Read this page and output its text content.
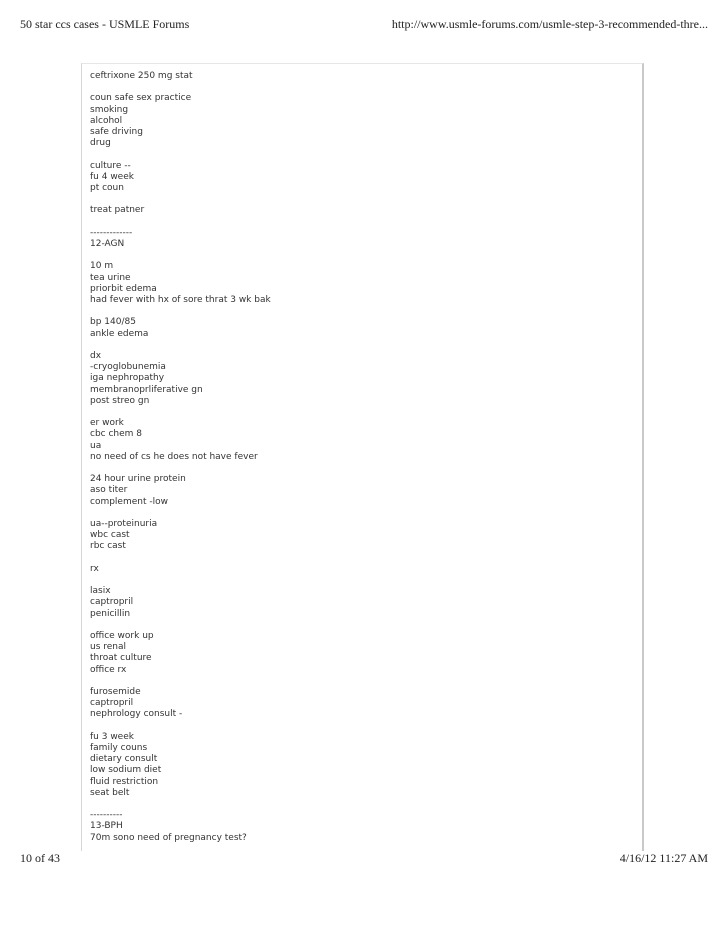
50 star ccs cases - USMLE Forums	http://www.usmle-forums.com/usmle-step-3-recommended-thre...
ceftrixone 250 mg stat
coun safe sex practice
smoking
alcohol
safe driving
drug
culture --
fu 4 week
pt coun
treat patner
-------------
12-AGN
10 m
tea urine
priorbit edema
had fever with hx of sore thrat 3 wk bak
bp 140/85
ankle edema
dx
-cryoglobunemia
iga nephropathy
membranoprliferative gn
post streo gn
er work
cbc chem 8
ua
no need of cs he does not have fever
24 hour urine protein
aso titer
complement -low
ua--proteinuria
wbc cast
rbc cast
rx
lasix
captropril
penicillin
office work up
us renal
throat culture
office rx
furosemide
captropril
nephrology consult -
fu 3 week
family couns
dietary consult
low sodium diet
fluid restriction
seat belt
----------
13-BPH
70m sono need of pregnancy test?
10 of 43	4/16/12 11:27 AM
